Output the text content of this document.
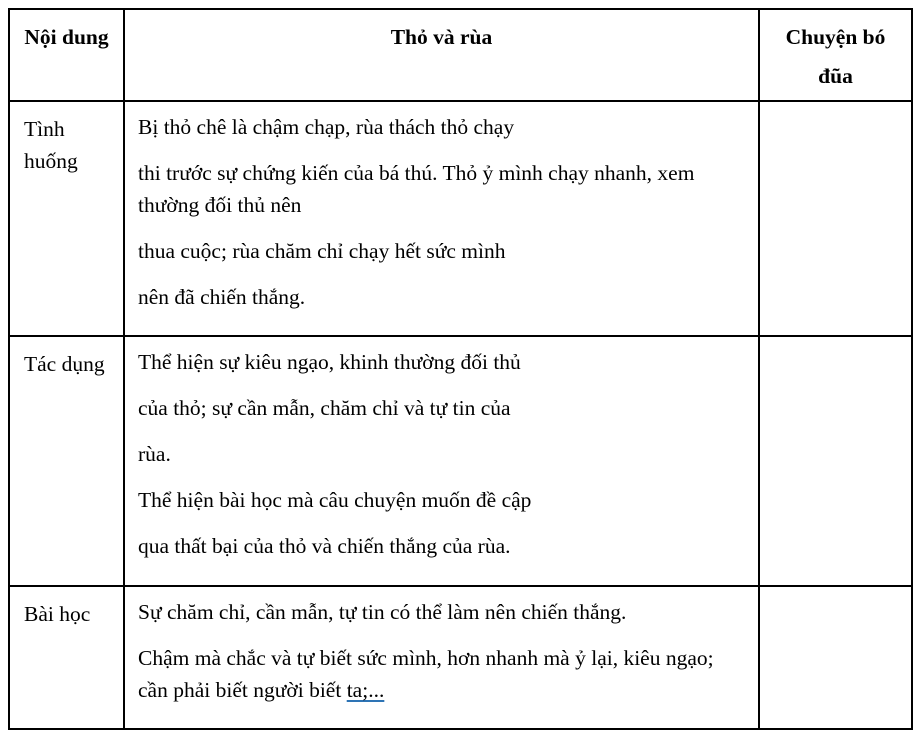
Nội dung	Thỏ và rùa	Chuyện bó đũa
Tình huống	Bị thỏ chê là chậm chạp, rùa thách thỏ chạy

thi trước sự chứng kiến của bá thú. Thỏ ỷ mình chạy nhanh, xem thường đối thủ nên

thua cuộc; rùa chăm chỉ chạy hết sức mình

nên đã chiến thắng.	

Tác dụng	Thể hiện sự kiêu ngạo, khinh thường đối thủ

của thỏ; sự cần mẫn, chăm chỉ và tự tin của

rùa.

Thể hiện bài học mà câu chuyện muốn đề cập

qua thất bại của thỏ và chiến thắng của rùa.	

Bài học	Sự chăm chỉ, cần mẫn, tự tin có thể làm nên chiến thắng.

Chậm mà chắc và tự biết sức mình, hơn nhanh mà ỷ lại, kiêu ngạo; cần phải biết người biết ta;...	
